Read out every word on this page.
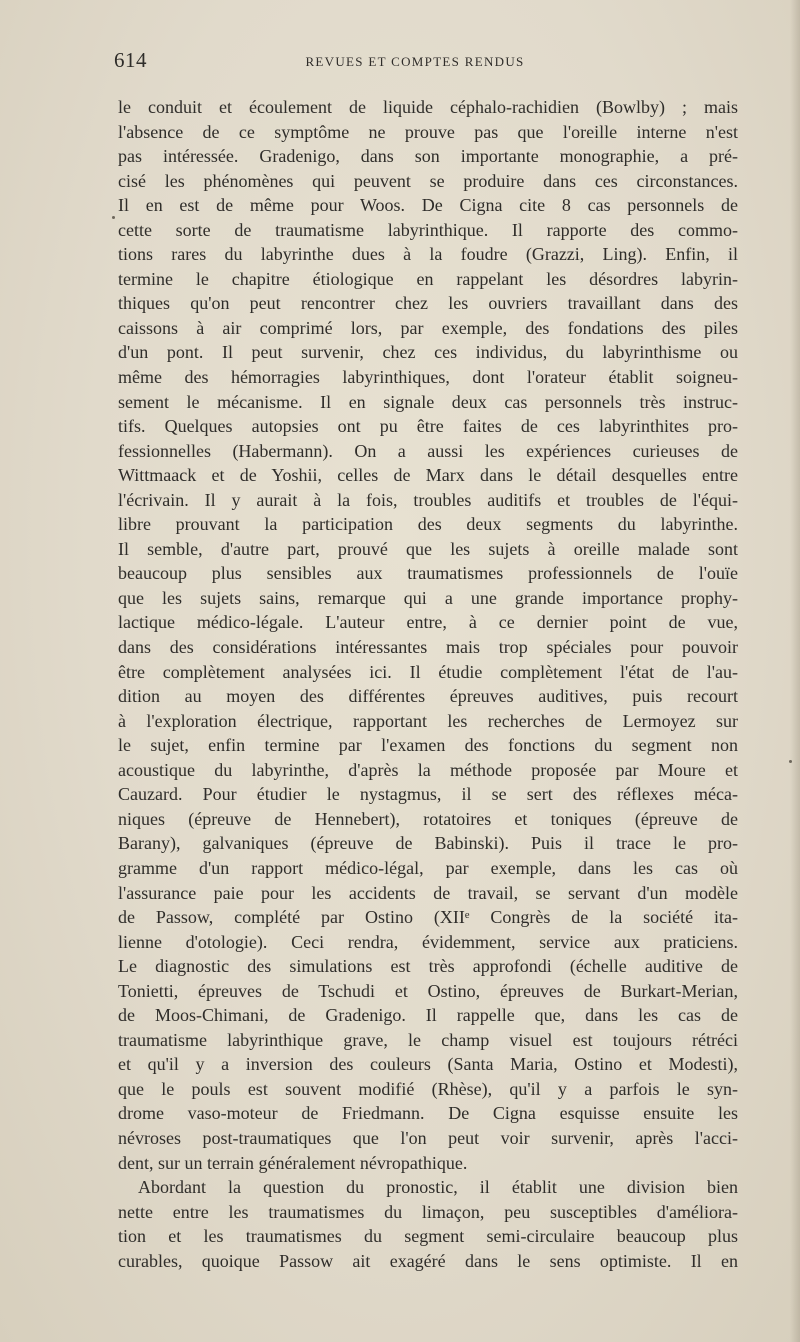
614	REVUES ET COMPTES RENDUS
le conduit et écoulement de liquide céphalo-rachidien (Bowlby) ; mais
l'absence de ce symptôme ne prouve pas que l'oreille interne n'est
pas intéressée. Gradenigo, dans son importante monographie, a pré-
cisé les phénomènes qui peuvent se produire dans ces circonstances.
Il en est de même pour Woos. De Cigna cite 8 cas personnels de
cette sorte de traumatisme labyrinthique. Il rapporte des commo-
tions rares du labyrinthe dues à la foudre (Grazzi, Ling). Enfin, il
termine le chapitre étiologique en rappelant les désordres labyrin-
thiques qu'on peut rencontrer chez les ouvriers travaillant dans des
caissons à air comprimé lors, par exemple, des fondations des piles
d'un pont. Il peut survenir, chez ces individus, du labyrinthisme ou
même des hémorragies labyrinthiques, dont l'orateur établit soigneu-
sement le mécanisme. Il en signale deux cas personnels très instruc-
tifs. Quelques autopsies ont pu être faites de ces labyrinthites pro-
fessionnelles (Habermann). On a aussi les expériences curieuses de
Wittmaack et de Yoshii, celles de Marx dans le détail desquelles entre
l'écrivain. Il y aurait à la fois, troubles auditifs et troubles de l'équi-
libre prouvant la participation des deux segments du labyrinthe.
Il semble, d'autre part, prouvé que les sujets à oreille malade sont
beaucoup plus sensibles aux traumatismes professionnels de l'ouïe
que les sujets sains, remarque qui a une grande importance prophy-
lactique médico-légale. L'auteur entre, à ce dernier point de vue,
dans des considérations intéressantes mais trop spéciales pour pouvoir
être complètement analysées ici. Il étudie complètement l'état de l'au-
dition au moyen des différentes épreuves auditives, puis recourt
à l'exploration électrique, rapportant les recherches de Lermoyez sur
le sujet, enfin termine par l'examen des fonctions du segment non
acoustique du labyrinthe, d'après la méthode proposée par Moure et
Cauzard. Pour étudier le nystagmus, il se sert des réflexes méca-
niques (épreuve de Hennebert), rotatoires et toniques (épreuve de
Barany), galvaniques (épreuve de Babinski). Puis il trace le pro-
gramme d'un rapport médico-légal, par exemple, dans les cas où
l'assurance paie pour les accidents de travail, se servant d'un modèle
de Passow, complété par Ostino (XIIᵉ Congrès de la société ita-
lienne d'otologie). Ceci rendra, évidemment, service aux praticiens.
Le diagnostic des simulations est très approfondi (échelle auditive de
Tonietti, épreuves de Tschudi et Ostino, épreuves de Burkart-Merian,
de Moos-Chimani, de Gradenigo. Il rappelle que, dans les cas de
traumatisme labyrinthique grave, le champ visuel est toujours rétréci
et qu'il y a inversion des couleurs (Santa Maria, Ostino et Modesti),
que le pouls est souvent modifié (Rhèse), qu'il y a parfois le syn-
drome vaso-moteur de Friedmann. De Cigna esquisse ensuite les
névroses post-traumatiques que l'on peut voir survenir, après l'acci-
dent, sur un terrain généralement névropathique.
Abordant la question du pronostic, il établit une division bien
nette entre les traumatismes du limaçon, peu susceptibles d'améliora-
tion et les traumatismes du segment semi-circulaire beaucoup plus
curables, quoique Passow ait exagéré dans le sens optimiste. Il en
